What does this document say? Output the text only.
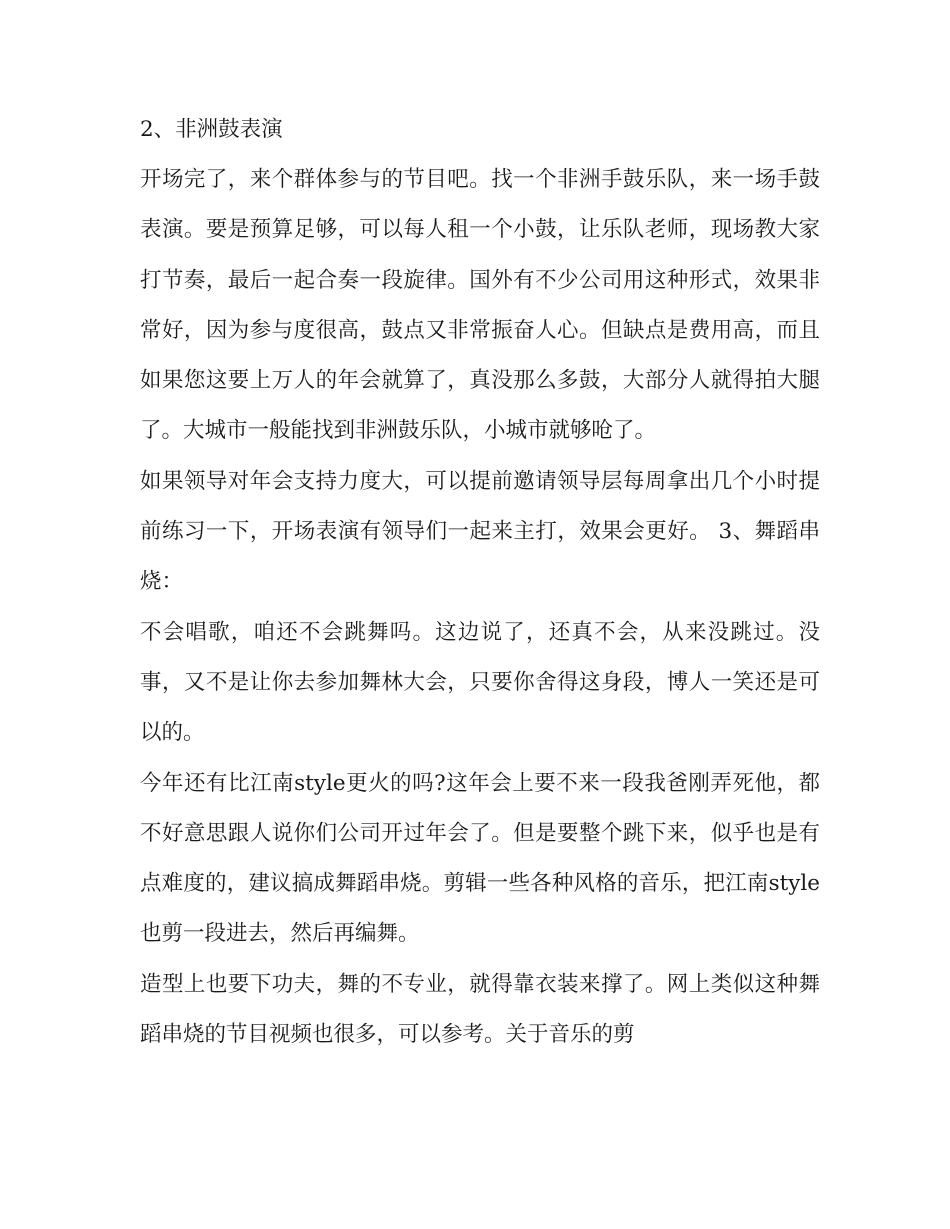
2、非洲鼓表演

开场完了，来个群体参与的节目吧。找一个非洲手鼓乐队，来一场手鼓表演。要是预算足够，可以每人租一个小鼓，让乐队老师，现场教大家打节奏，最后一起合奏一段旋律。国外有不少公司用这种形式，效果非常好，因为参与度很高，鼓点又非常振奋人心。但缺点是费用高，而且如果您这要上万人的年会就算了，真没那么多鼓，大部分人就得拍大腿了。大城市一般能找到非洲鼓乐队，小城市就够呛了。

如果领导对年会支持力度大，可以提前邀请领导层每周拿出几个小时提前练习一下，开场表演有领导们一起来主打，效果会更好。 3、舞蹈串烧：

不会唱歌，咱还不会跳舞吗。这边说了，还真不会，从来没跳过。没事，又不是让你去参加舞林大会，只要你舍得这身段，博人一笑还是可以的。

今年还有比江南style更火的吗?这年会上要不来一段我爸刚弄死他，都不好意思跟人说你们公司开过年会了。但是要整个跳下来，似乎也是有点难度的，建议搞成舞蹈串烧。剪辑一些各种风格的音乐，把江南style也剪一段进去，然后再编舞。

造型上也要下功夫，舞的不专业，就得靠衣装来撑了。网上类似这种舞蹈串烧的节目视频也很多，可以参考。关于音乐的剪
